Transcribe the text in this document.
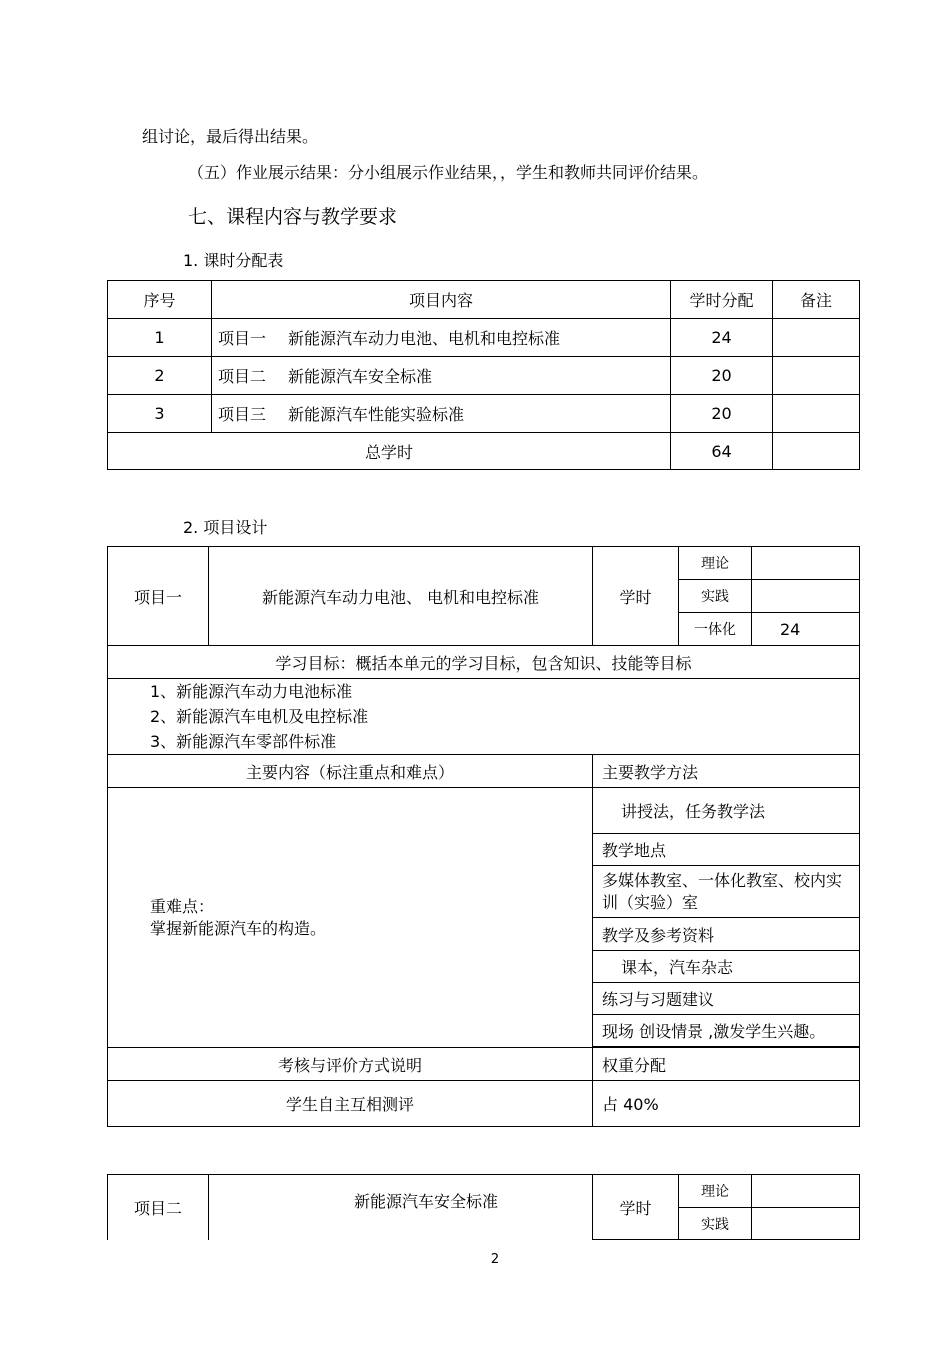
组讨论，最后得出结果。
（五）作业展示结果：分小组展示作业结果，，学生和教师共同评价结果。
七、课程内容与教学要求
1. 课时分配表
序号	项目内容	学时分配	备注
1	项目一 新能源汽车动力电池、电机和电控标准	24	
2	项目二 新能源汽车安全标准	20	
3	项目三 新能源汽车性能实验标准	20	
总学时		64	
2. 项目设计
项目一	新能源汽车动力电池、 电机和电控标准	学时	理论	
			实践	
			一体化	24
学习目标：概括本单元的学习目标，包含知识、技能等目标				

1、新能源汽车动力电池标准
2、新能源汽车电机及电控标准
3、新能源汽车零部件标准				

主要内容（标注重点和难点）		主要教学方法		

重难点：
掌握新能源汽车的构造。		讲授法，任务教学法		
		教学地点		
		多媒体教室、一体化教室、校内实训（实验）室		
		教学及参考资料		
		课本，汽车杂志		
		练习与习题建议		
		现场 创设情景 ,激发学生兴趣。		

考核与评价方式说明		权重分配		
学生自主互相测评		占 40%		
项目二	新能源汽车安全标准	学时	理论	
			实践	
2
